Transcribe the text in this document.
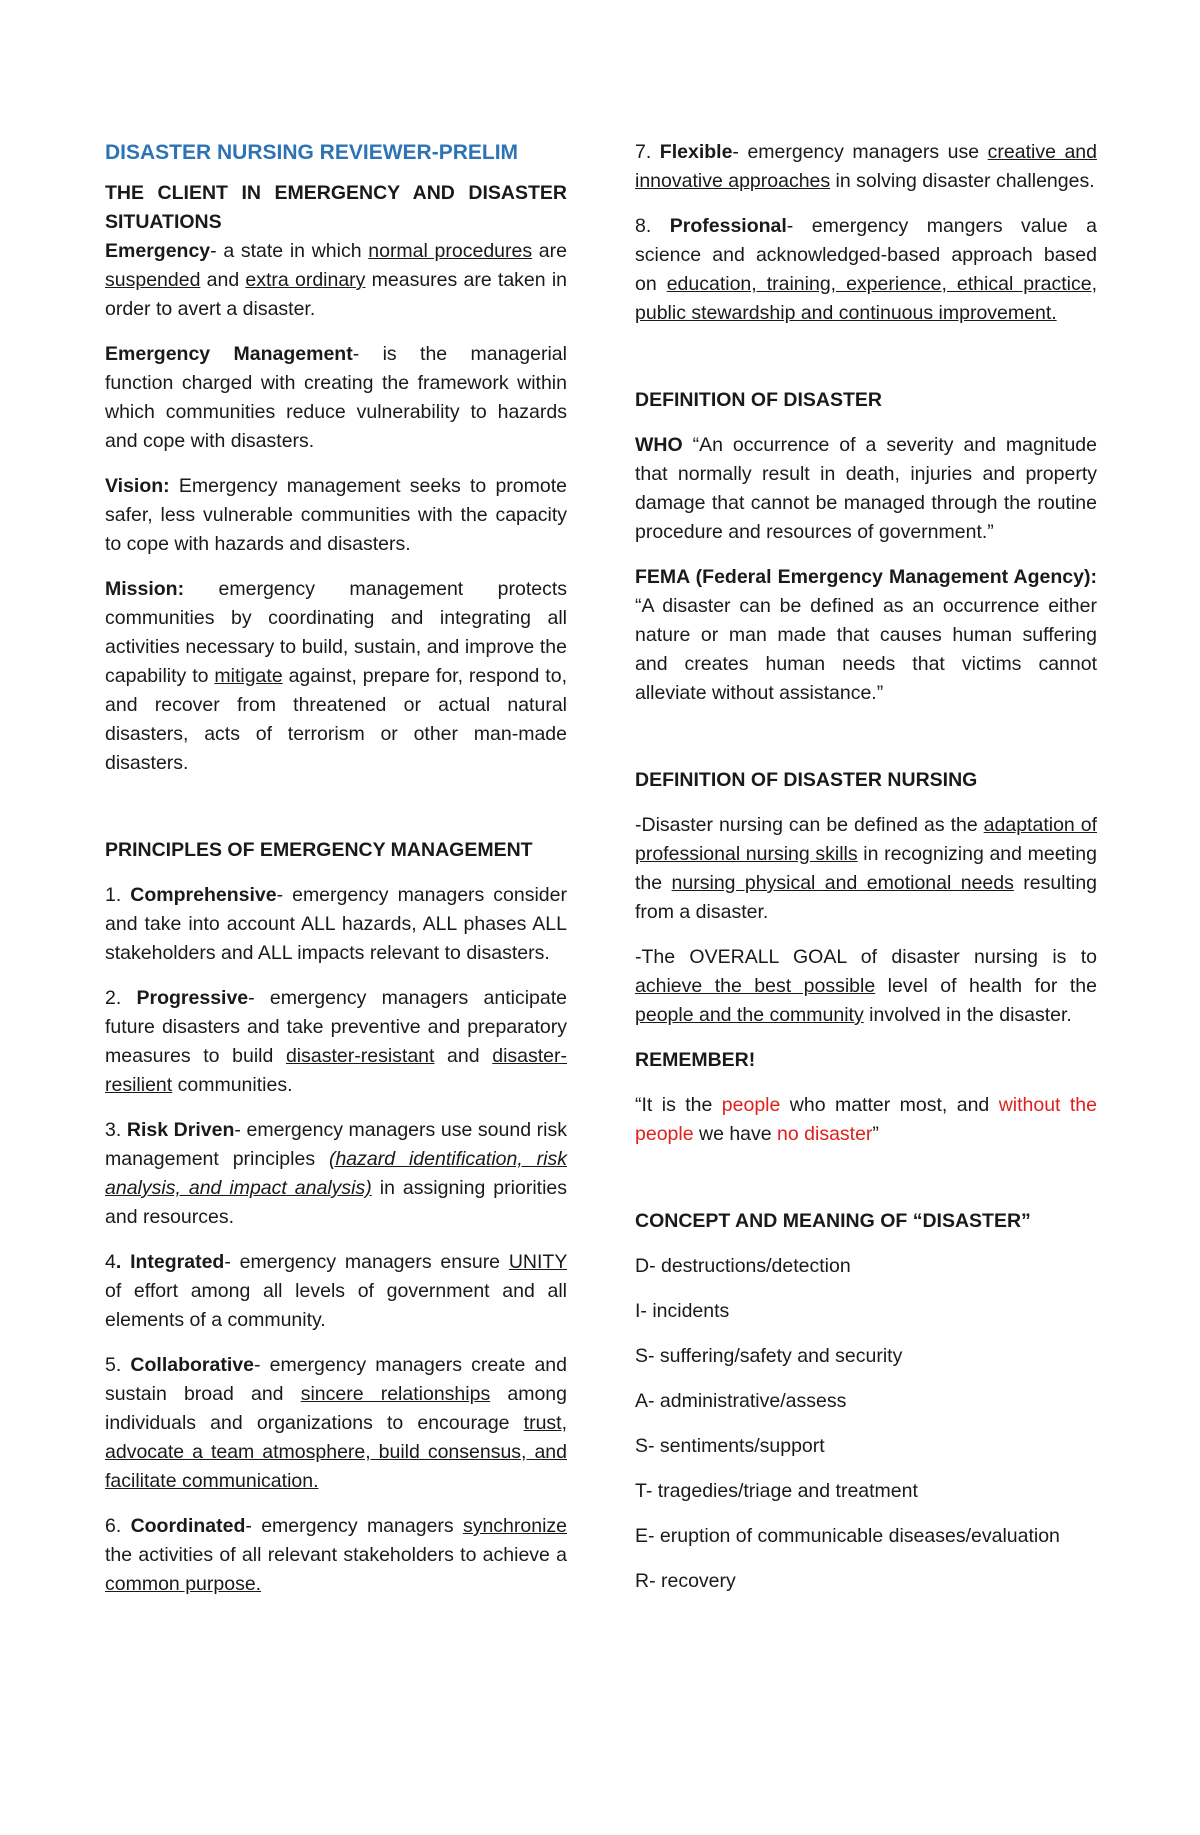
DISASTER NURSING REVIEWER-PRELIM

THE CLIENT IN EMERGENCY AND DISASTER SITUATIONS

Emergency- a state in which normal procedures are suspended and extra ordinary measures are taken in order to avert a disaster.

Emergency Management- is the managerial function charged with creating the framework within which communities reduce vulnerability to hazards and cope with disasters.

Vision: Emergency management seeks to promote safer, less vulnerable communities with the capacity to cope with hazards and disasters.

Mission: emergency management protects communities by coordinating and integrating all activities necessary to build, sustain, and improve the capability to mitigate against, prepare for, respond to, and recover from threatened or actual natural disasters, acts of terrorism or other man-made disasters.

PRINCIPLES OF EMERGENCY MANAGEMENT

1. Comprehensive- emergency managers consider and take into account ALL hazards, ALL phases ALL stakeholders and ALL impacts relevant to disasters.

2. Progressive- emergency managers anticipate future disasters and take preventive and preparatory measures to build disaster-resistant and disaster-resilient communities.

3. Risk Driven- emergency managers use sound risk management principles (hazard identification, risk analysis, and impact analysis) in assigning priorities and resources.

4. Integrated- emergency managers ensure UNITY of effort among all levels of government and all elements of a community.

5. Collaborative- emergency managers create and sustain broad and sincere relationships among individuals and organizations to encourage trust, advocate a team atmosphere, build consensus, and facilitate communication.

6. Coordinated- emergency managers synchronize the activities of all relevant stakeholders to achieve a common purpose.

7. Flexible- emergency managers use creative and innovative approaches in solving disaster challenges.

8. Professional- emergency mangers value a science and acknowledged-based approach based on education, training, experience, ethical practice, public stewardship and continuous improvement.

DEFINITION OF DISASTER

WHO “An occurrence of a severity and magnitude that normally result in death, injuries and property damage that cannot be managed through the routine procedure and resources of government.”

FEMA (Federal Emergency Management Agency): “A disaster can be defined as an occurrence either nature or man made that causes human suffering and creates human needs that victims cannot alleviate without assistance.”

DEFINITION OF DISASTER NURSING

-Disaster nursing can be defined as the adaptation of professional nursing skills in recognizing and meeting the nursing physical and emotional needs resulting from a disaster.

-The OVERALL GOAL of disaster nursing is to achieve the best possible level of health for the people and the community involved in the disaster.

REMEMBER!

“It is the people who matter most, and without the people we have no disaster”

CONCEPT AND MEANING OF “DISASTER”

D- destructions/detection

I- incidents

S- suffering/safety and security

A- administrative/assess

S- sentiments/support

T- tragedies/triage and treatment

E- eruption of communicable diseases/evaluation

R- recovery
